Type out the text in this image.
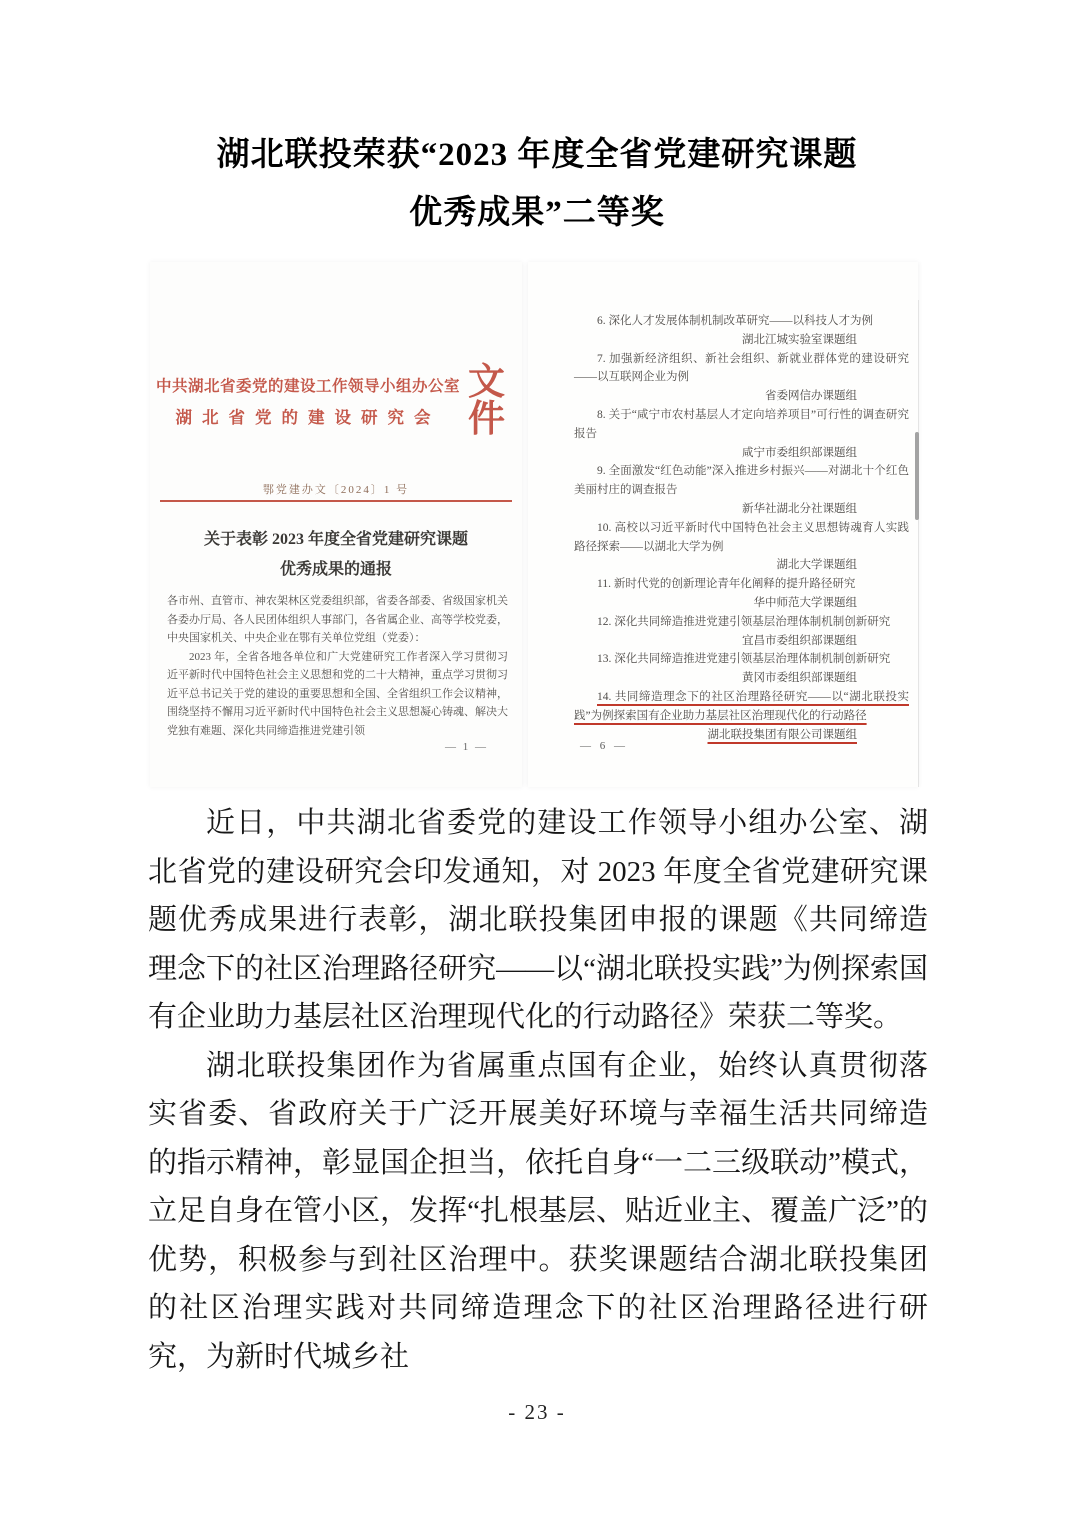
湖北联投荣获“2023 年度全省党建研究课题
优秀成果”二等奖
中共湖北省委党的建设工作领导小组办公室
湖北省党的建设研究会
文件
鄂党建办文〔2024〕1 号
关于表彰 2023 年度全省党建研究课题
优秀成果的通报

各市州、直管市、神农架林区党委组织部，省委各部委、省级国家机关各委办厅局、各人民团体组织人事部门，各省属企业、高等学校党委，中央国家机关、中央企业在鄂有关单位党组（党委）：

2023 年，全省各地各单位和广大党建研究工作者深入学习贯彻习近平新时代中国特色社会主义思想和党的二十大精神，重点学习贯彻习近平总书记关于党的建设的重要思想和全国、全省组织工作会议精神，围绕坚持不懈用习近平新时代中国特色社会主义思想凝心铸魂、解决大党独有难题、深化共同缔造推进党建引领

— 1 —

6. 深化人才发展体制机制改革研究——以科技人才为例

湖北江城实验室课题组

7. 加强新经济组织、新社会组织、新就业群体党的建设研究——以互联网企业为例

省委网信办课题组

8. 关于“咸宁市农村基层人才定向培养项目”可行性的调查研究报告

咸宁市委组织部课题组

9. 全面激发“红色动能”深入推进乡村振兴——对湖北十个红色美丽村庄的调查报告

新华社湖北分社课题组

10. 高校以习近平新时代中国特色社会主义思想铸魂育人实践路径探索——以湖北大学为例

湖北大学课题组

11. 新时代党的创新理论青年化阐释的提升路径研究

华中师范大学课题组

12. 深化共同缔造推进党建引领基层治理体制机制创新研究

宜昌市委组织部课题组

13. 深化共同缔造推进党建引领基层治理体制机制创新研究

黄冈市委组织部课题组

14. 共同缔造理念下的社区治理路径研究——以“湖北联投实践”为例探索国有企业助力基层社区治理现代化的行动路径

湖北联投集团有限公司课题组

— 6 —

近日，中共湖北省委党的建设工作领导小组办公室、湖北省党的建设研究会印发通知，对 2023 年度全省党建研究课题优秀成果进行表彰，湖北联投集团申报的课题《共同缔造理念下的社区治理路径研究——以“湖北联投实践”为例探索国有企业助力基层社区治理现代化的行动路径》荣获二等奖。

湖北联投集团作为省属重点国有企业，始终认真贯彻落实省委、省政府关于广泛开展美好环境与幸福生活共同缔造的指示精神，彰显国企担当，依托自身“一二三级联动”模式，立足自身在管小区，发挥“扎根基层、贴近业主、覆盖广泛”的优势，积极参与到社区治理中。获奖课题结合湖北联投集团的社区治理实践对共同缔造理念下的社区治理路径进行研究，为新时代城乡社

- 23 -
